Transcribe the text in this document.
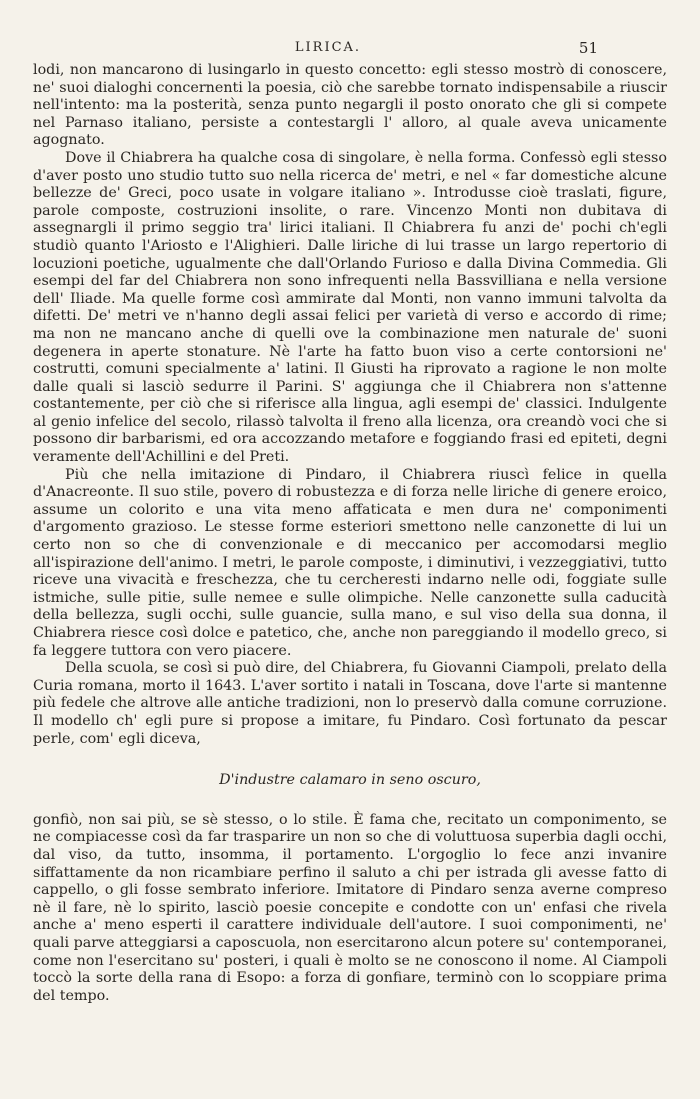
LIRICA.	51

lodi, non mancarono di lusingarlo in questo concetto: egli stesso mostrò di conoscere, ne' suoi dialoghi concernenti la poesia, ciò che sarebbe tornato indispensabile a riuscir nell'intento: ma la posterità, senza punto negargli il posto onorato che gli si compete nel Parnaso italiano, persiste a contestargli l' alloro, al quale aveva unicamente agognato.

Dove il Chiabrera ha qualche cosa di singolare, è nella forma. Confessò egli stesso d'aver posto uno studio tutto suo nella ricerca de' metri, e nel « far domestiche alcune bellezze de' Greci, poco usate in volgare italiano ». Introdusse cioè traslati, figure, parole composte, costruzioni insolite, o rare. Vincenzo Monti non dubitava di assegnargli il primo seggio tra' lirici italiani. Il Chiabrera fu anzi de' pochi ch'egli studiò quanto l'Ariosto e l'Alighieri. Dalle liriche di lui trasse un largo repertorio di locuzioni poetiche, ugualmente che dall'Orlando Furioso e dalla Divina Commedia. Gli esempi del far del Chiabrera non sono infrequenti nella Bassvilliana e nella versione dell' Iliade. Ma quelle forme così ammirate dal Monti, non vanno immuni talvolta da difetti. De' metri ve n'hanno degli assai felici per varietà di verso e accordo di rime; ma non ne mancano anche di quelli ove la combinazione men naturale de' suoni degenera in aperte stonature. Nè l'arte ha fatto buon viso a certe contorsioni ne' costrutti, comuni specialmente a' latini. Il Giusti ha riprovato a ragione le non molte dalle quali si lasciò sedurre il Parini. S' aggiunga che il Chiabrera non s'attenne costantemente, per ciò che si riferisce alla lingua, agli esempi de' classici. Indulgente al genio infelice del secolo, rilassò talvolta il freno alla licenza, ora creandò voci che si possono dir barbarismi, ed ora accozzando metafore e foggiando frasi ed epiteti, degni veramente dell'Achillini e del Preti.

Più che nella imitazione di Pindaro, il Chiabrera riuscì felice in quella d'Anacreonte. Il suo stile, povero di robustezza e di forza nelle liriche di genere eroico, assume un colorito e una vita meno affaticata e men dura ne' componimenti d'argomento grazioso. Le stesse forme esteriori smettono nelle canzonette di lui un certo non so che di convenzionale e di meccanico per accomodarsi meglio all'ispirazione dell'animo. I metri, le parole composte, i diminutivi, i vezzeggiativi, tutto riceve una vivacità e freschezza, che tu cercheresti indarno nelle odi, foggiate sulle istmiche, sulle pitie, sulle nemee e sulle olimpiche. Nelle canzonette sulla caducità della bellezza, sugli occhi, sulle guancie, sulla mano, e sul viso della sua donna, il Chiabrera riesce così dolce e patetico, che, anche non pareggiando il modello greco, si fa leggere tuttora con vero piacere.

Della scuola, se così si può dire, del Chiabrera, fu Giovanni Ciampoli, prelato della Curia romana, morto il 1643. L'aver sortito i natali in Toscana, dove l'arte si mantenne più fedele che altrove alle antiche tradizioni, non lo preservò dalla comune corruzione. Il modello ch' egli pure si propose a imitare, fu Pindaro. Così fortunato da pescar perle, com' egli diceva,

D'industre calamaro in seno oscuro,

gonfiò, non sai più, se sè stesso, o lo stile. È fama che, recitato un componimento, se ne compiacesse così da far trasparire un non so che di voluttuosa superbia dagli occhi, dal viso, da tutto, insomma, il portamento. L'orgoglio lo fece anzi invanire siffattamente da non ricambiare perfino il saluto a chi per istrada gli avesse fatto di cappello, o gli fosse sembrato inferiore. Imitatore di Pindaro senza averne compreso nè il fare, nè lo spirito, lasciò poesie concepite e condotte con un' enfasi che rivela anche a' meno esperti il carattere individuale dell'autore. I suoi componimenti, ne' quali parve atteggiarsi a caposcuola, non esercitarono alcun potere su' contemporanei, come non l'esercitano su' posteri, i quali è molto se ne conoscono il nome. Al Ciampoli toccò la sorte della rana di Esopo: a forza di gonfiare, terminò con lo scoppiare prima del tempo.
